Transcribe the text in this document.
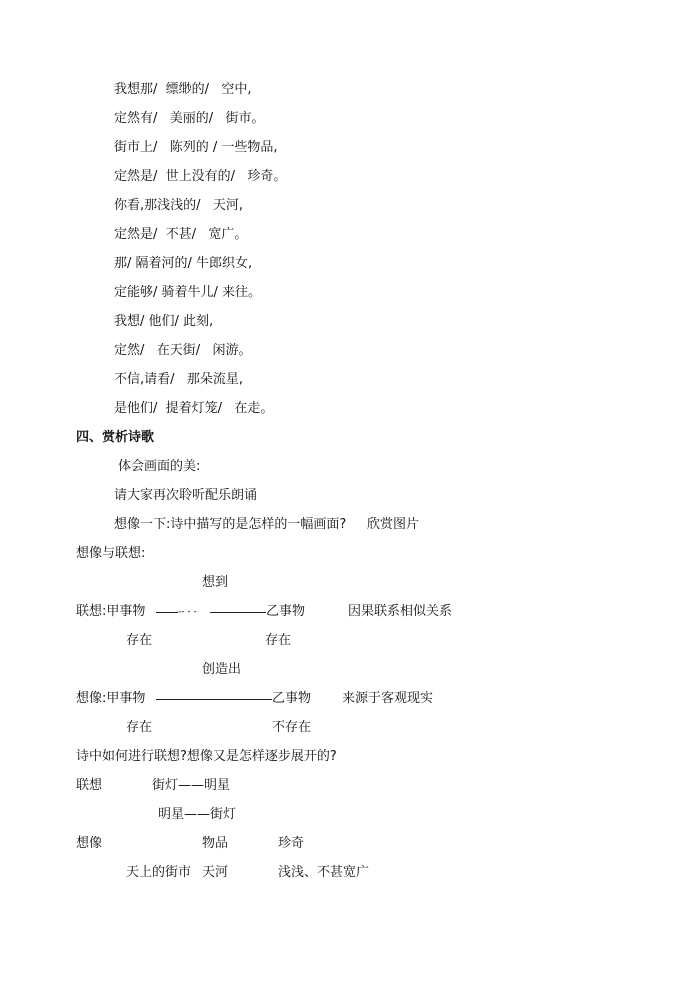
我想那/  缥缈的/   空中,
定然有/   美丽的/   街市。
街市上/   陈列的 / 一些物品,
定然是/  世上没有的/   珍奇。
你看,那浅浅的/   天河,
定然是/  不甚/   宽广。
那/ 隔着河的/ 牛郎织女,
定能够/ 骑着牛儿/ 来往。
我想/ 他们/ 此刻,
定然/   在天街/   闲游。
不信,请看/   那朵流星,
是他们/  提着灯笼/   在走。
四、赏析诗歌
体会画面的美:
请大家再次聆听配乐朗诵
想像一下:诗中描写的是怎样的一幅画面? 欣赏图片
想像与联想:
想到
联想:甲事物	-- - -	乙事物	因果联系相似关系
存在	存在
创造出
想像:甲事物	乙事物 来源于客观现实
存在	不存在
诗中如何进行联想?想像又是怎样逐步展开的?
联想	街灯——明星
明星——街灯
想像	物品	珍奇
天上的街市 天河	浅浅、不甚宽广
